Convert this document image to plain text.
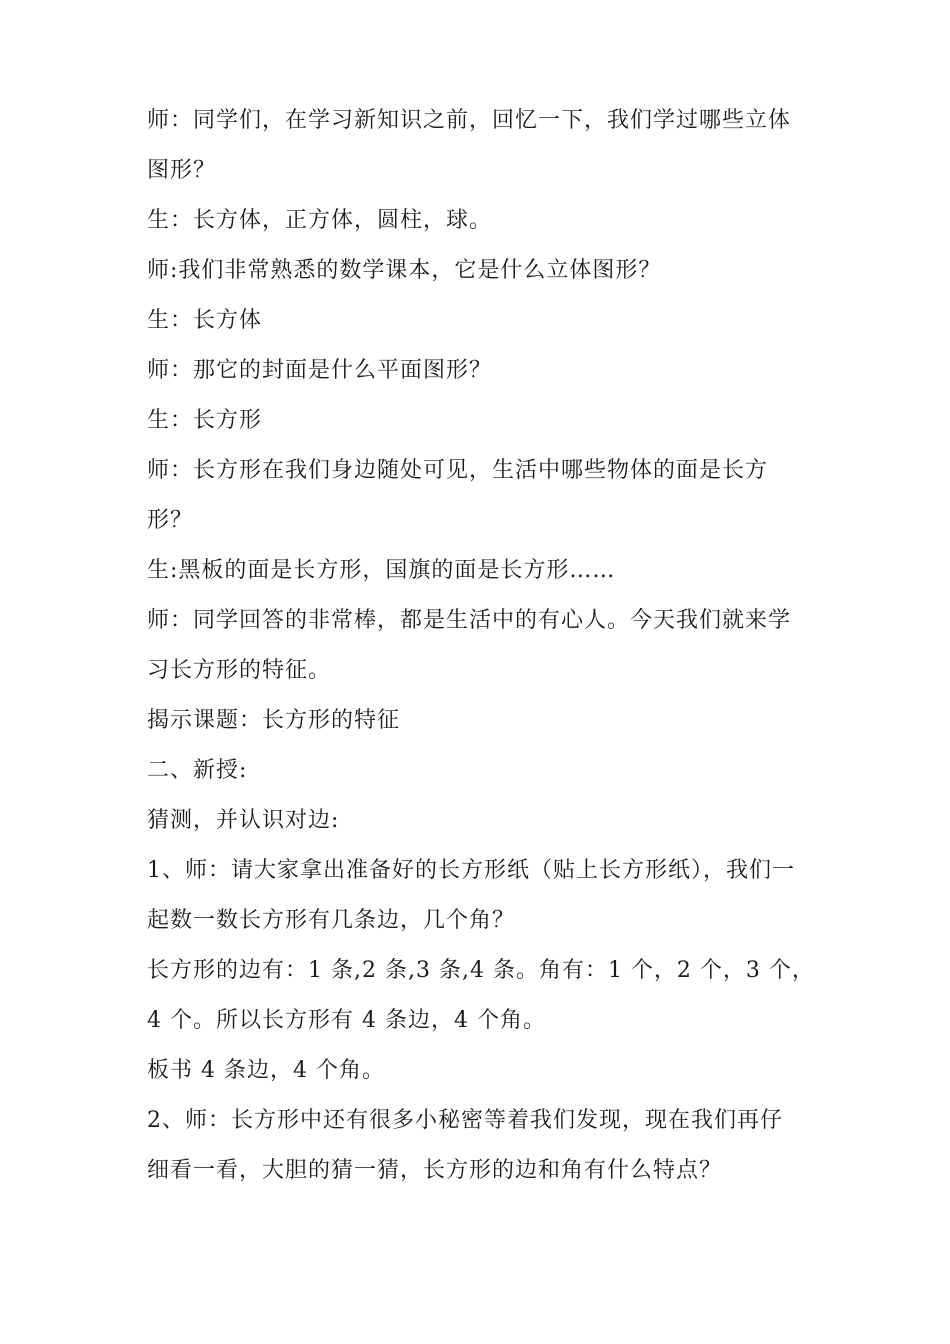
师：同学们，在学习新知识之前，回忆一下，我们学过哪些立体
图形？
生：长方体，正方体，圆柱，球。
师:我们非常熟悉的数学课本，它是什么立体图形？
生：长方体
师：那它的封面是什么平面图形？
生：长方形
师：长方形在我们身边随处可见，生活中哪些物体的面是长方
形？
生:黑板的面是长方形，国旗的面是长方形……
师：同学回答的非常棒，都是生活中的有心人。今天我们就来学
习长方形的特征。
揭示课题：长方形的特征
二、新授:
猜测，并认识对边:
1、师：请大家拿出准备好的长方形纸（贴上长方形纸），我们一
起数一数长方形有几条边，几个角？
长方形的边有：1 条,2 条,3 条,4 条。角有：1 个，2 个，3 个，
4 个。所以长方形有 4 条边，4 个角。
板书 4 条边，4 个角。
2、师：长方形中还有很多小秘密等着我们发现，现在我们再仔
细看一看，大胆的猜一猜，长方形的边和角有什么特点？
